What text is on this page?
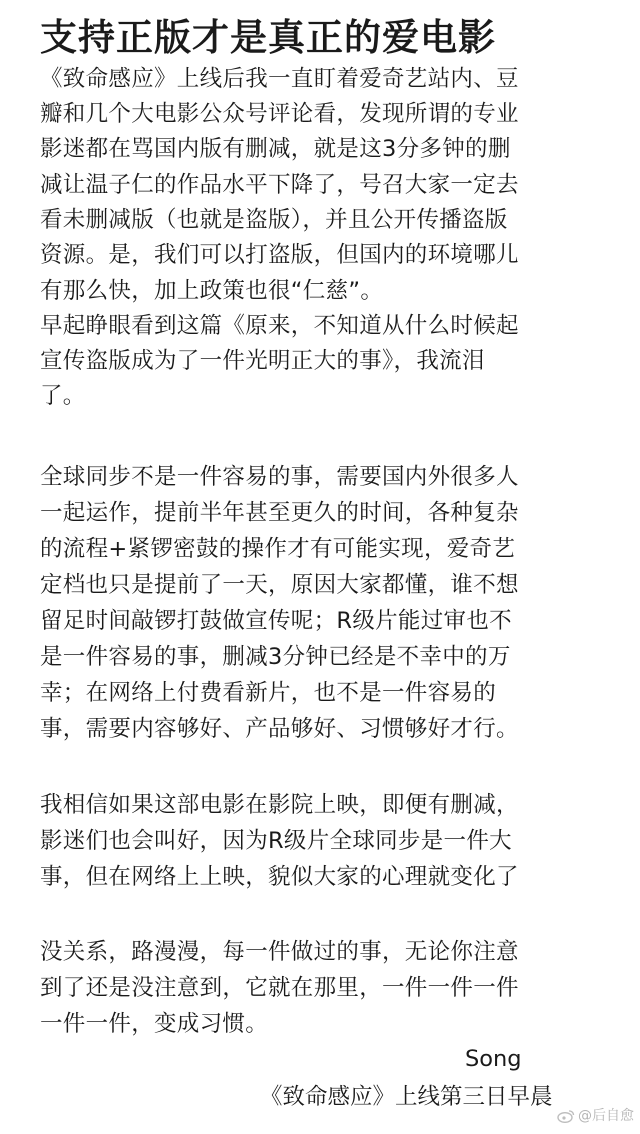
支持正版才是真正的爱电影
《致命感应》上线后我一直盯着爱奇艺站内、豆
瓣和几个大电影公众号评论看，发现所谓的专业
影迷都在骂国内版有删减，就是这3分多钟的删
减让温子仁的作品水平下降了，号召大家一定去
看未删减版（也就是盗版），并且公开传播盗版
资源。是，我们可以打盗版，但国内的环境哪儿
有那么快，加上政策也很“仁慈”。
早起睁眼看到这篇《原来，不知道从什么时候起
宣传盗版成为了一件光明正大的事》，我流泪
了。
全球同步不是一件容易的事，需要国内外很多人
一起运作，提前半年甚至更久的时间，各种复杂
的流程+紧锣密鼓的操作才有可能实现，爱奇艺
定档也只是提前了一天，原因大家都懂，谁不想
留足时间敲锣打鼓做宣传呢；R级片能过审也不
是一件容易的事，删减3分钟已经是不幸中的万
幸；在网络上付费看新片，也不是一件容易的
事，需要内容够好、产品够好、习惯够好才行。
我相信如果这部电影在影院上映，即便有删减，
影迷们也会叫好，因为R级片全球同步是一件大
事，但在网络上上映，貌似大家的心理就变化了
没关系，路漫漫，每一件做过的事，无论你注意
到了还是没注意到，它就在那里，一件一件一件
一件一件，变成习惯。
Song
《致命感应》上线第三日早晨
@后自愈
